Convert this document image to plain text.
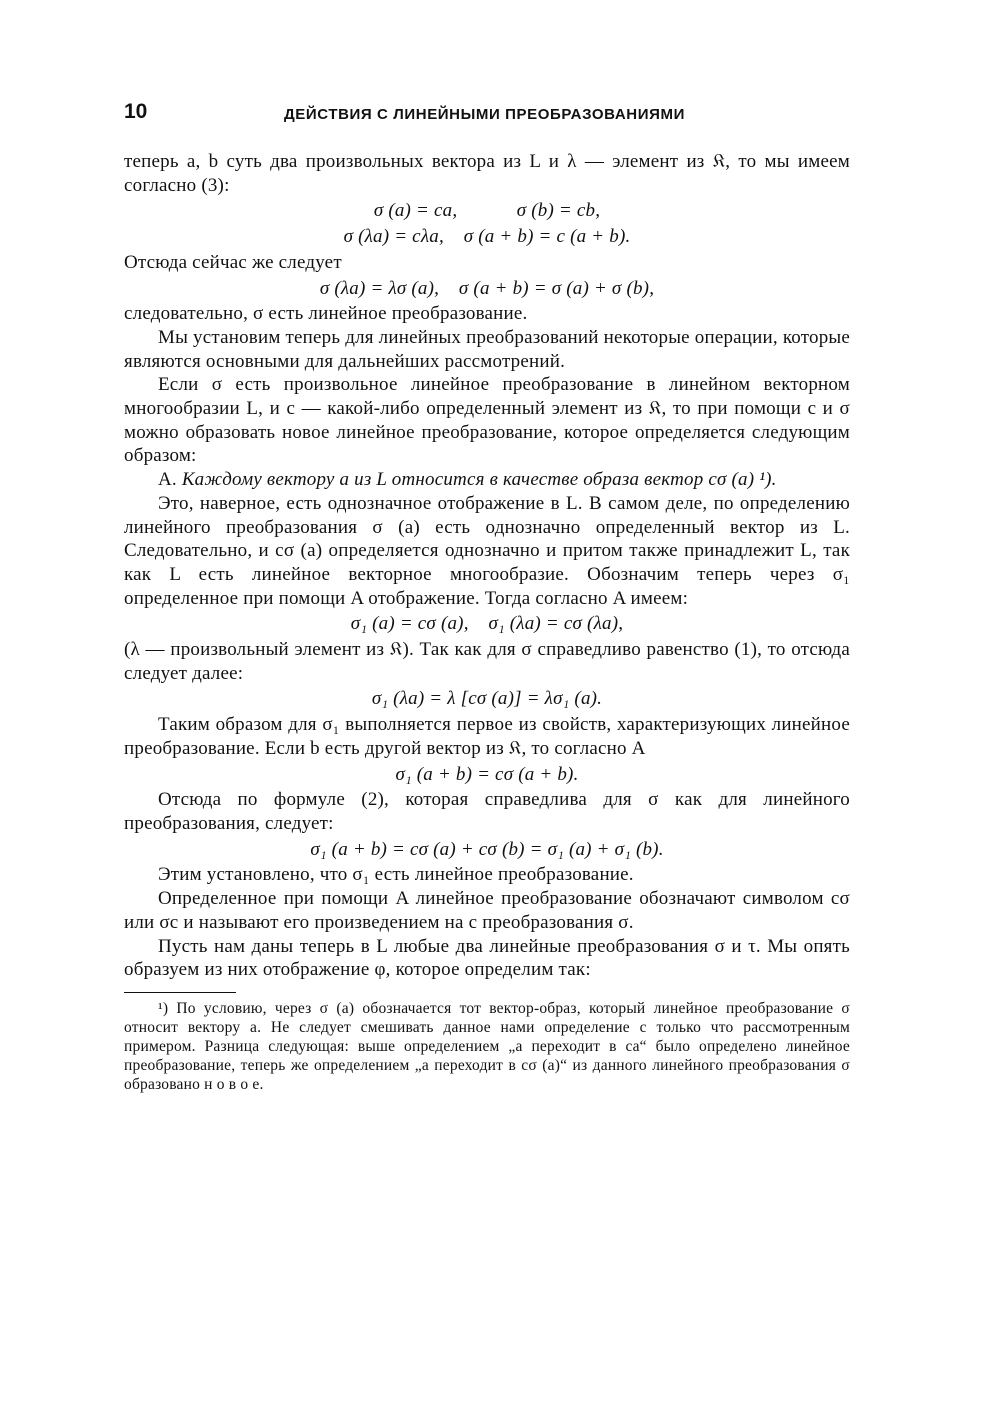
10	ДЕЙСТВИЯ С ЛИНЕЙНЫМИ ПРЕОБРАЗОВАНИЯМИ

теперь a, b суть два произвольных вектора из L и λ — элемент из 𝔎, то мы имеем согласно (3):

σ (a) = ca,            σ (b) = cb,

σ (λa) = cλa,    σ (a + b) = c (a + b).

Отсюда сейчас же следует

σ (λa) = λσ (a),    σ (a + b) = σ (a) + σ (b),

следовательно, σ есть линейное преобразование.

Мы установим теперь для линейных преобразований некоторые операции, которые являются основными для дальнейших рассмотрений.

Если σ есть произвольное линейное преобразование в линейном векторном многообразии L, и c — какой-либо определенный элемент из 𝔎, то при помощи c и σ можно образовать новое линейное преобразование, которое определяется следующим образом:

A. Каждому вектору a из L относится в качестве образа вектор cσ (a) ¹).

Это, наверное, есть однозначное отображение в L. В самом деле, по определению линейного преобразования σ (a) есть однозначно определенный вектор из L. Следовательно, и cσ (a) определяется однозначно и притом также принадлежит L, так как L есть линейное векторное многообразие. Обозначим теперь через σ₁ определенное при помощи A отображение. Тогда согласно A имеем:

σ₁ (a) = cσ (a),    σ₁ (λa) = cσ (λa),

(λ — произвольный элемент из 𝔎). Так как для σ справедливо равенство (1), то отсюда следует далее:

σ₁ (λa) = λ [cσ (a)] = λσ₁ (a).

Таким образом для σ₁ выполняется первое из свойств, характеризующих линейное преобразование. Если b есть другой вектор из 𝔎, то согласно A

σ₁ (a + b) = cσ (a + b).

Отсюда по формуле (2), которая справедлива для σ как для линейного преобразования, следует:

σ₁ (a + b) = cσ (a) + cσ (b) = σ₁ (a) + σ₁ (b).

Этим установлено, что σ₁ есть линейное преобразование.

Определенное при помощи A линейное преобразование обозначают символом cσ или σc и называют его произведением на c преобразования σ.

Пусть нам даны теперь в L любые два линейные преобразования σ и τ. Мы опять образуем из них отображение φ, которое определим так:

¹) По условию, через σ (a) обозначается тот вектор-образ, который линейное преобразование σ относит вектору a. Не следует смешивать данное нами определение с только что рассмотренным примером. Разница следующая: выше определением „a переходит в ca“ было определено линейное преобразование, теперь же определением „a переходит в cσ (a)“ из данного линейного преобразования σ образовано н о в о е.
